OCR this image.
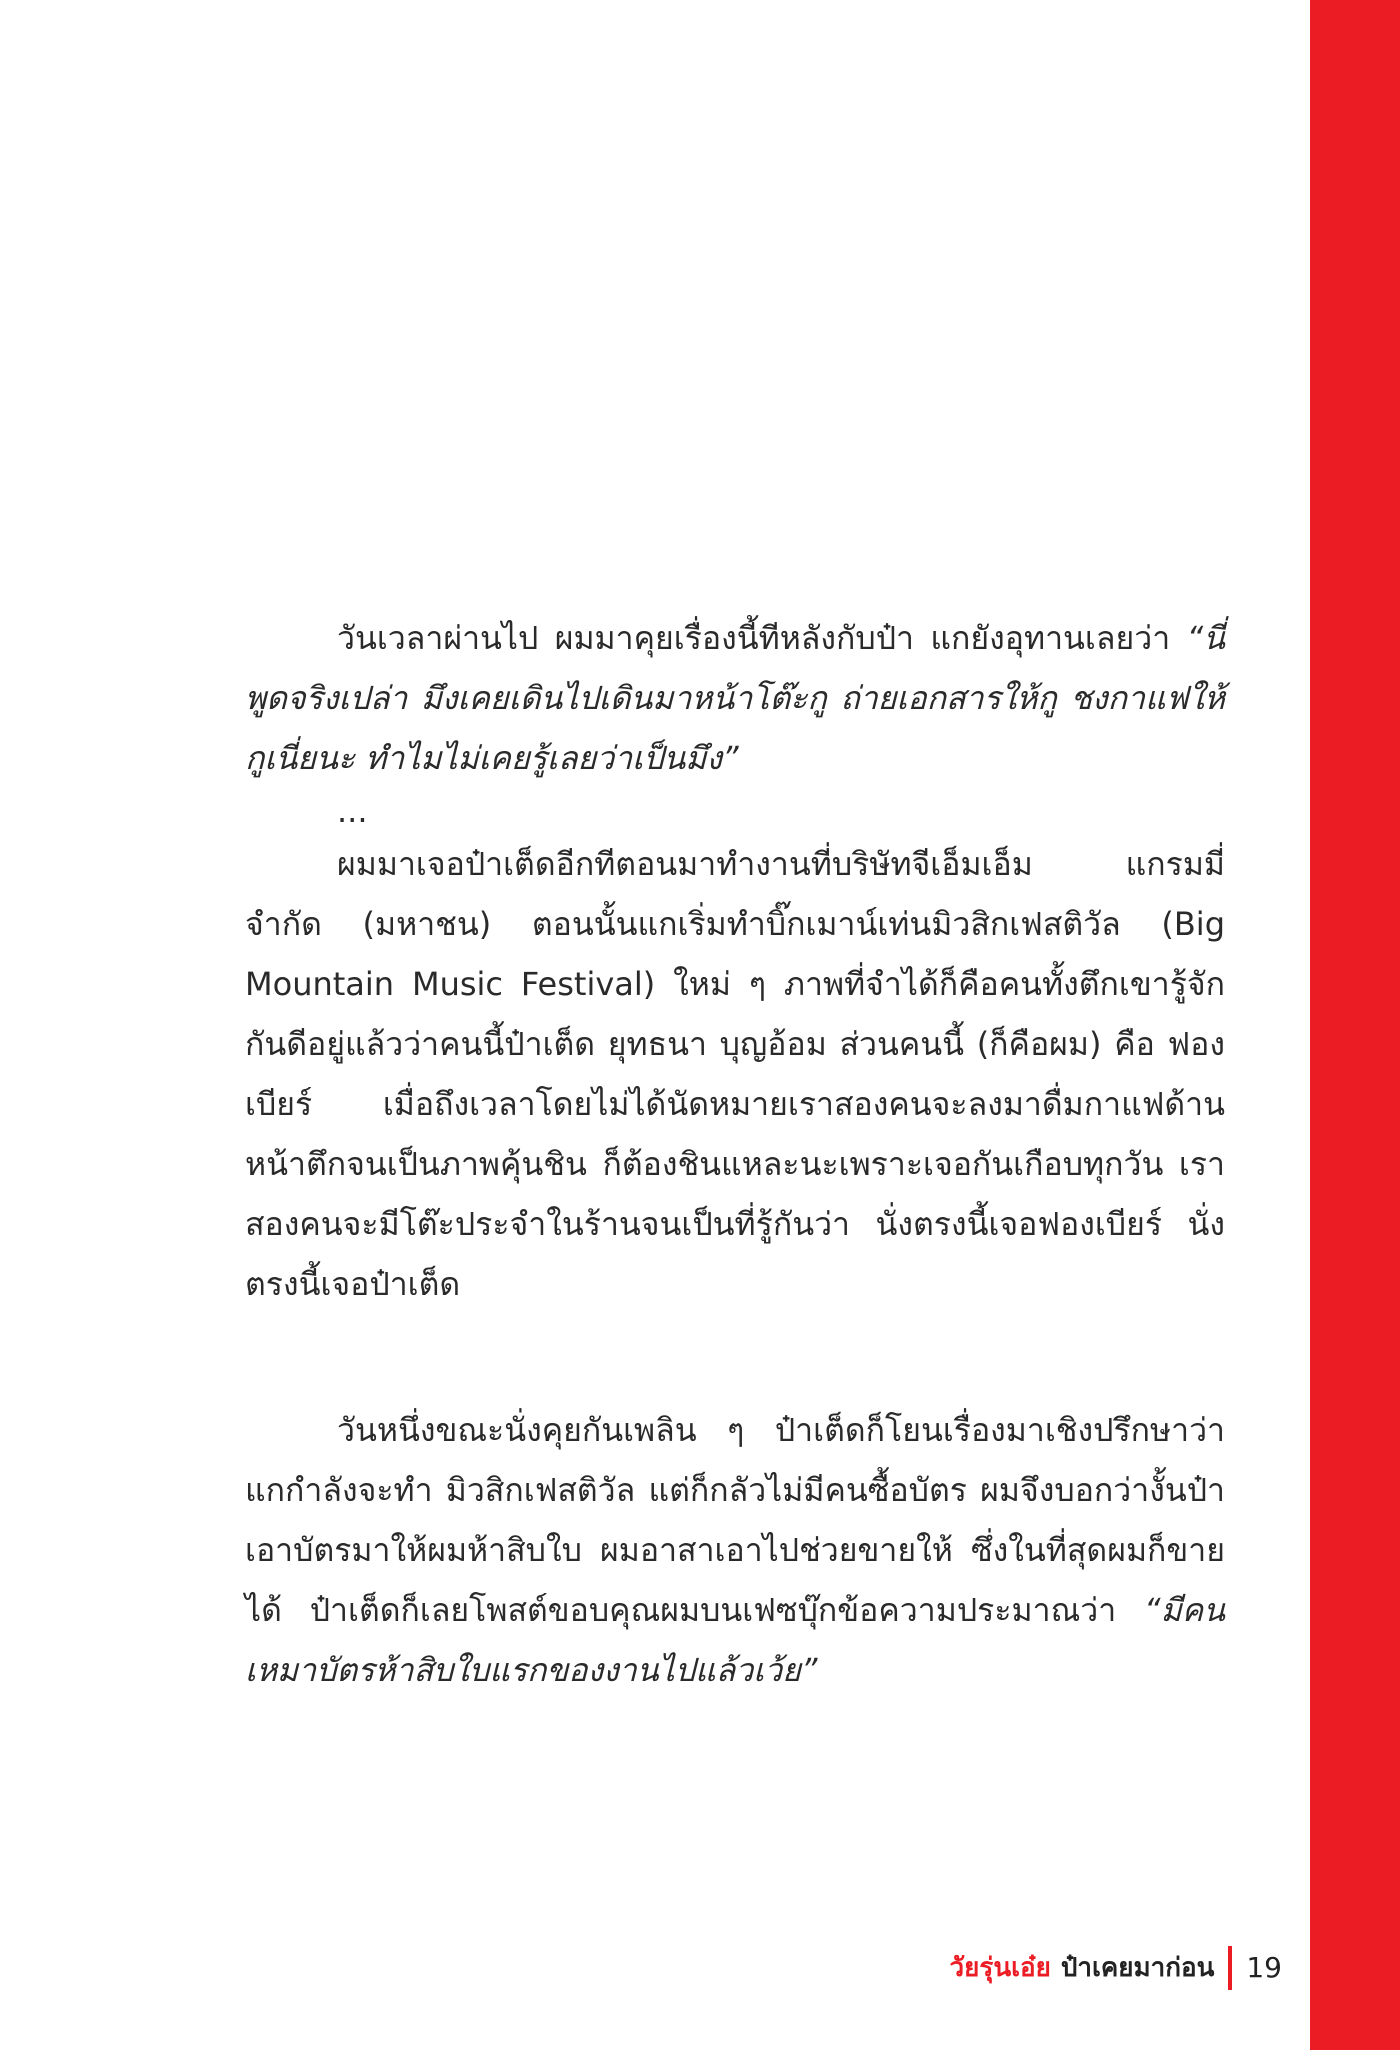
วันเวลาผ่านไป ผมมาคุยเรื่องนี้ทีหลังกับป๋า แกยังอุทานเลยว่า “นี่พูดจริงเปล่า มึงเคยเดินไปเดินมาหน้าโต๊ะกู ถ่ายเอกสารให้กู ชงกาแฟให้กูเนี่ยนะ ทำไมไม่เคยรู้เลยว่าเป็นมึง”

...

ผมมาเจอป๋าเต็ดอีกทีตอนมาทำงานที่บริษัทจีเอ็มเอ็ม แกรมมี่ จำกัด (มหาชน) ตอนนั้นแกเริ่มทำบิ๊กเมาน์เท่นมิวสิกเฟสติวัล (Big Mountain Music Festival) ใหม่ ๆ ภาพที่จำได้ก็คือคนทั้งตึกเขารู้จักกันดีอยู่แล้วว่าคนนี้ป๋าเต็ด ยุทธนา บุญอ้อม ส่วนคนนี้ (ก็คือผม) คือ ฟองเบียร์ เมื่อถึงเวลาโดยไม่ได้นัดหมายเราสองคนจะลงมาดื่มกาแฟด้านหน้าตึกจนเป็นภาพคุ้นชิน ก็ต้องชินแหละนะเพราะเจอกันเกือบทุกวัน เราสองคนจะมีโต๊ะประจำในร้านจนเป็นที่รู้กันว่า นั่งตรงนี้เจอฟองเบียร์ นั่งตรงนี้เจอป๋าเต็ด

วันหนึ่งขณะนั่งคุยกันเพลิน ๆ ป๋าเต็ดก็โยนเรื่องมาเชิงปรึกษาว่า แกกำลังจะทำ มิวสิกเฟสติวัล แต่ก็กลัวไม่มีคนซื้อบัตร ผมจึงบอกว่างั้นป๋าเอาบัตรมาให้ผมห้าสิบใบ ผมอาสาเอาไปช่วยขายให้ ซึ่งในที่สุดผมก็ขายได้ ป๋าเต็ดก็เลยโพสต์ขอบคุณผมบนเฟซบุ๊กข้อความประมาณว่า “มีคนเหมาบัตรห้าสิบใบแรกของงานไปแล้วเว้ย”

วัยรุ่นเอ๋ย ป๋าเคยมาก่อน 19
